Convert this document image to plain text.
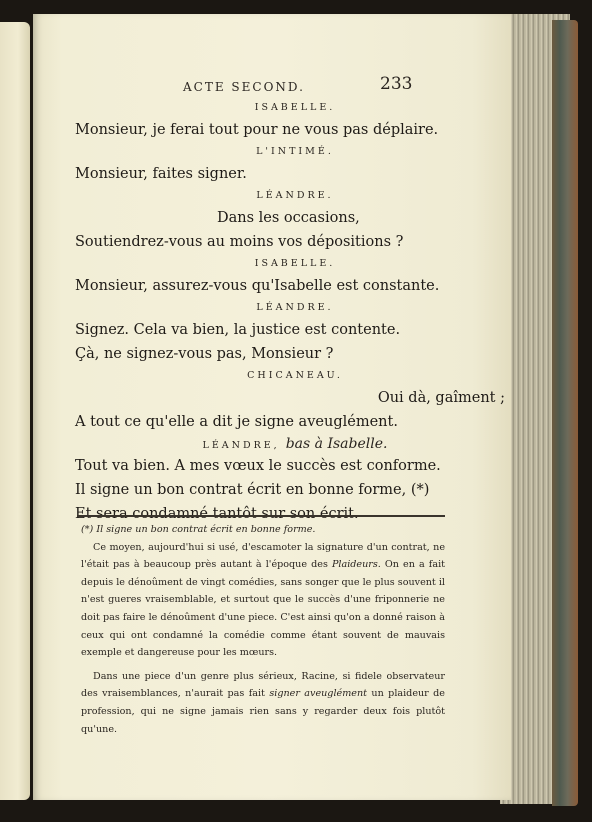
ACTE SECOND.	233

ISABELLE.

Monsieur, je ferai tout pour ne vous pas déplaire.

L'INTIMÉ.

Monsieur, faites signer.

LÉANDRE.

Dans les occasions,

Soutiendrez-vous au moins vos dépositions ?

ISABELLE.

Monsieur, assurez-vous qu'Isabelle est constante.

LÉANDRE.

Signez. Cela va bien, la justice est contente.

Çà, ne signez-vous pas, Monsieur ?

CHICANEAU.

Oui dà, gaîment ;

A tout ce qu'elle a dit je signe aveuglément.

LÉANDRE, bas à Isabelle.

Tout va bien. A mes vœux le succès est conforme.

Il signe un bon contrat écrit en bonne forme, (*)

Et sera condamné tantôt sur son écrit.

(*) Il signe un bon contrat écrit en bonne forme.

Ce moyen, aujourd'hui si usé, d'escamoter la signature d'un contrat, ne l'était pas à beaucoup près autant à l'époque des Plaideurs. On en a fait depuis le dénoûment de vingt comédies, sans songer que le plus souvent il n'est gueres vraisemblable, et surtout que le succès d'une friponnerie ne doit pas faire le dénoûment d'une piece. C'est ainsi qu'on a donné raison à ceux qui ont condamné la comédie comme étant souvent de mauvais exemple et dangereuse pour les mœurs.

Dans une piece d'un genre plus sérieux, Racine, si fidele observateur des vraisemblances, n'aurait pas fait signer aveuglément un plaideur de profession, qui ne signe jamais rien sans y regarder deux fois plutôt qu'une.
